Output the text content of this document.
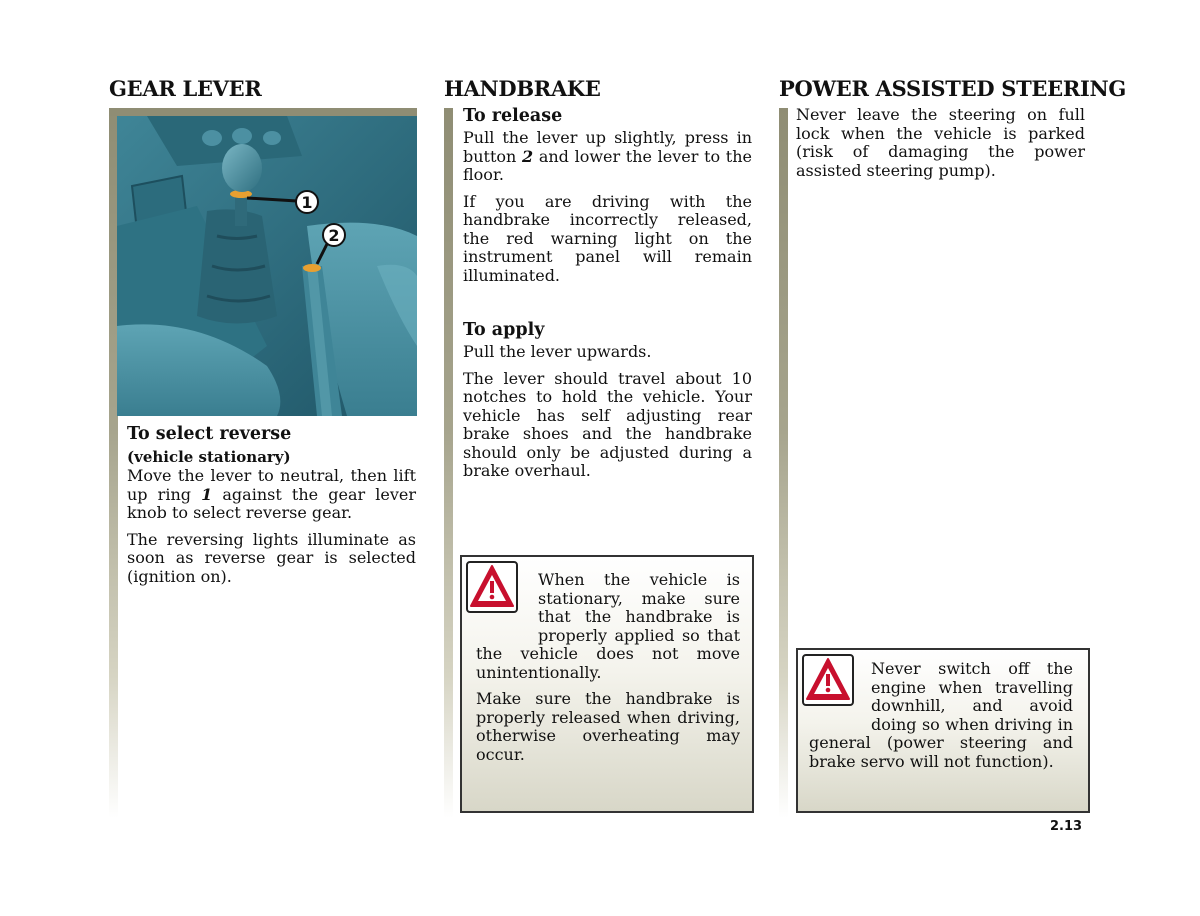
GEAR LEVER
1
2
To select reverse
(vehicle stationary)

Move the lever to neutral, then lift up ring 1 against the gear lever knob to select reverse gear.

The reversing lights illuminate as soon as reverse gear is selected (ignition on).

HANDBRAKE
To release

Pull the lever up slightly, press in button 2 and lower the lever to the floor.

If you are driving with the handbrake incorrectly released, the red warning light on the instrument panel will remain illuminated.

To apply

Pull the lever upwards.

The lever should travel about 10 notches to hold the vehicle. Your vehicle has self adjusting rear brake shoes and the handbrake should only be adjusted during a brake overhaul.

When the vehicle is stationary, make sure that the handbrake is properly applied so that the vehicle does not move unintentionally.

Make sure the handbrake is properly released when driving, otherwise overheating may occur.

POWER ASSISTED STEERING

Never leave the steering on full lock when the vehicle is parked (risk of damaging the power assisted steering pump).

Never switch off the engine when travelling downhill, and avoid doing so when driving in general (power steering and brake servo will not function).

2.13
